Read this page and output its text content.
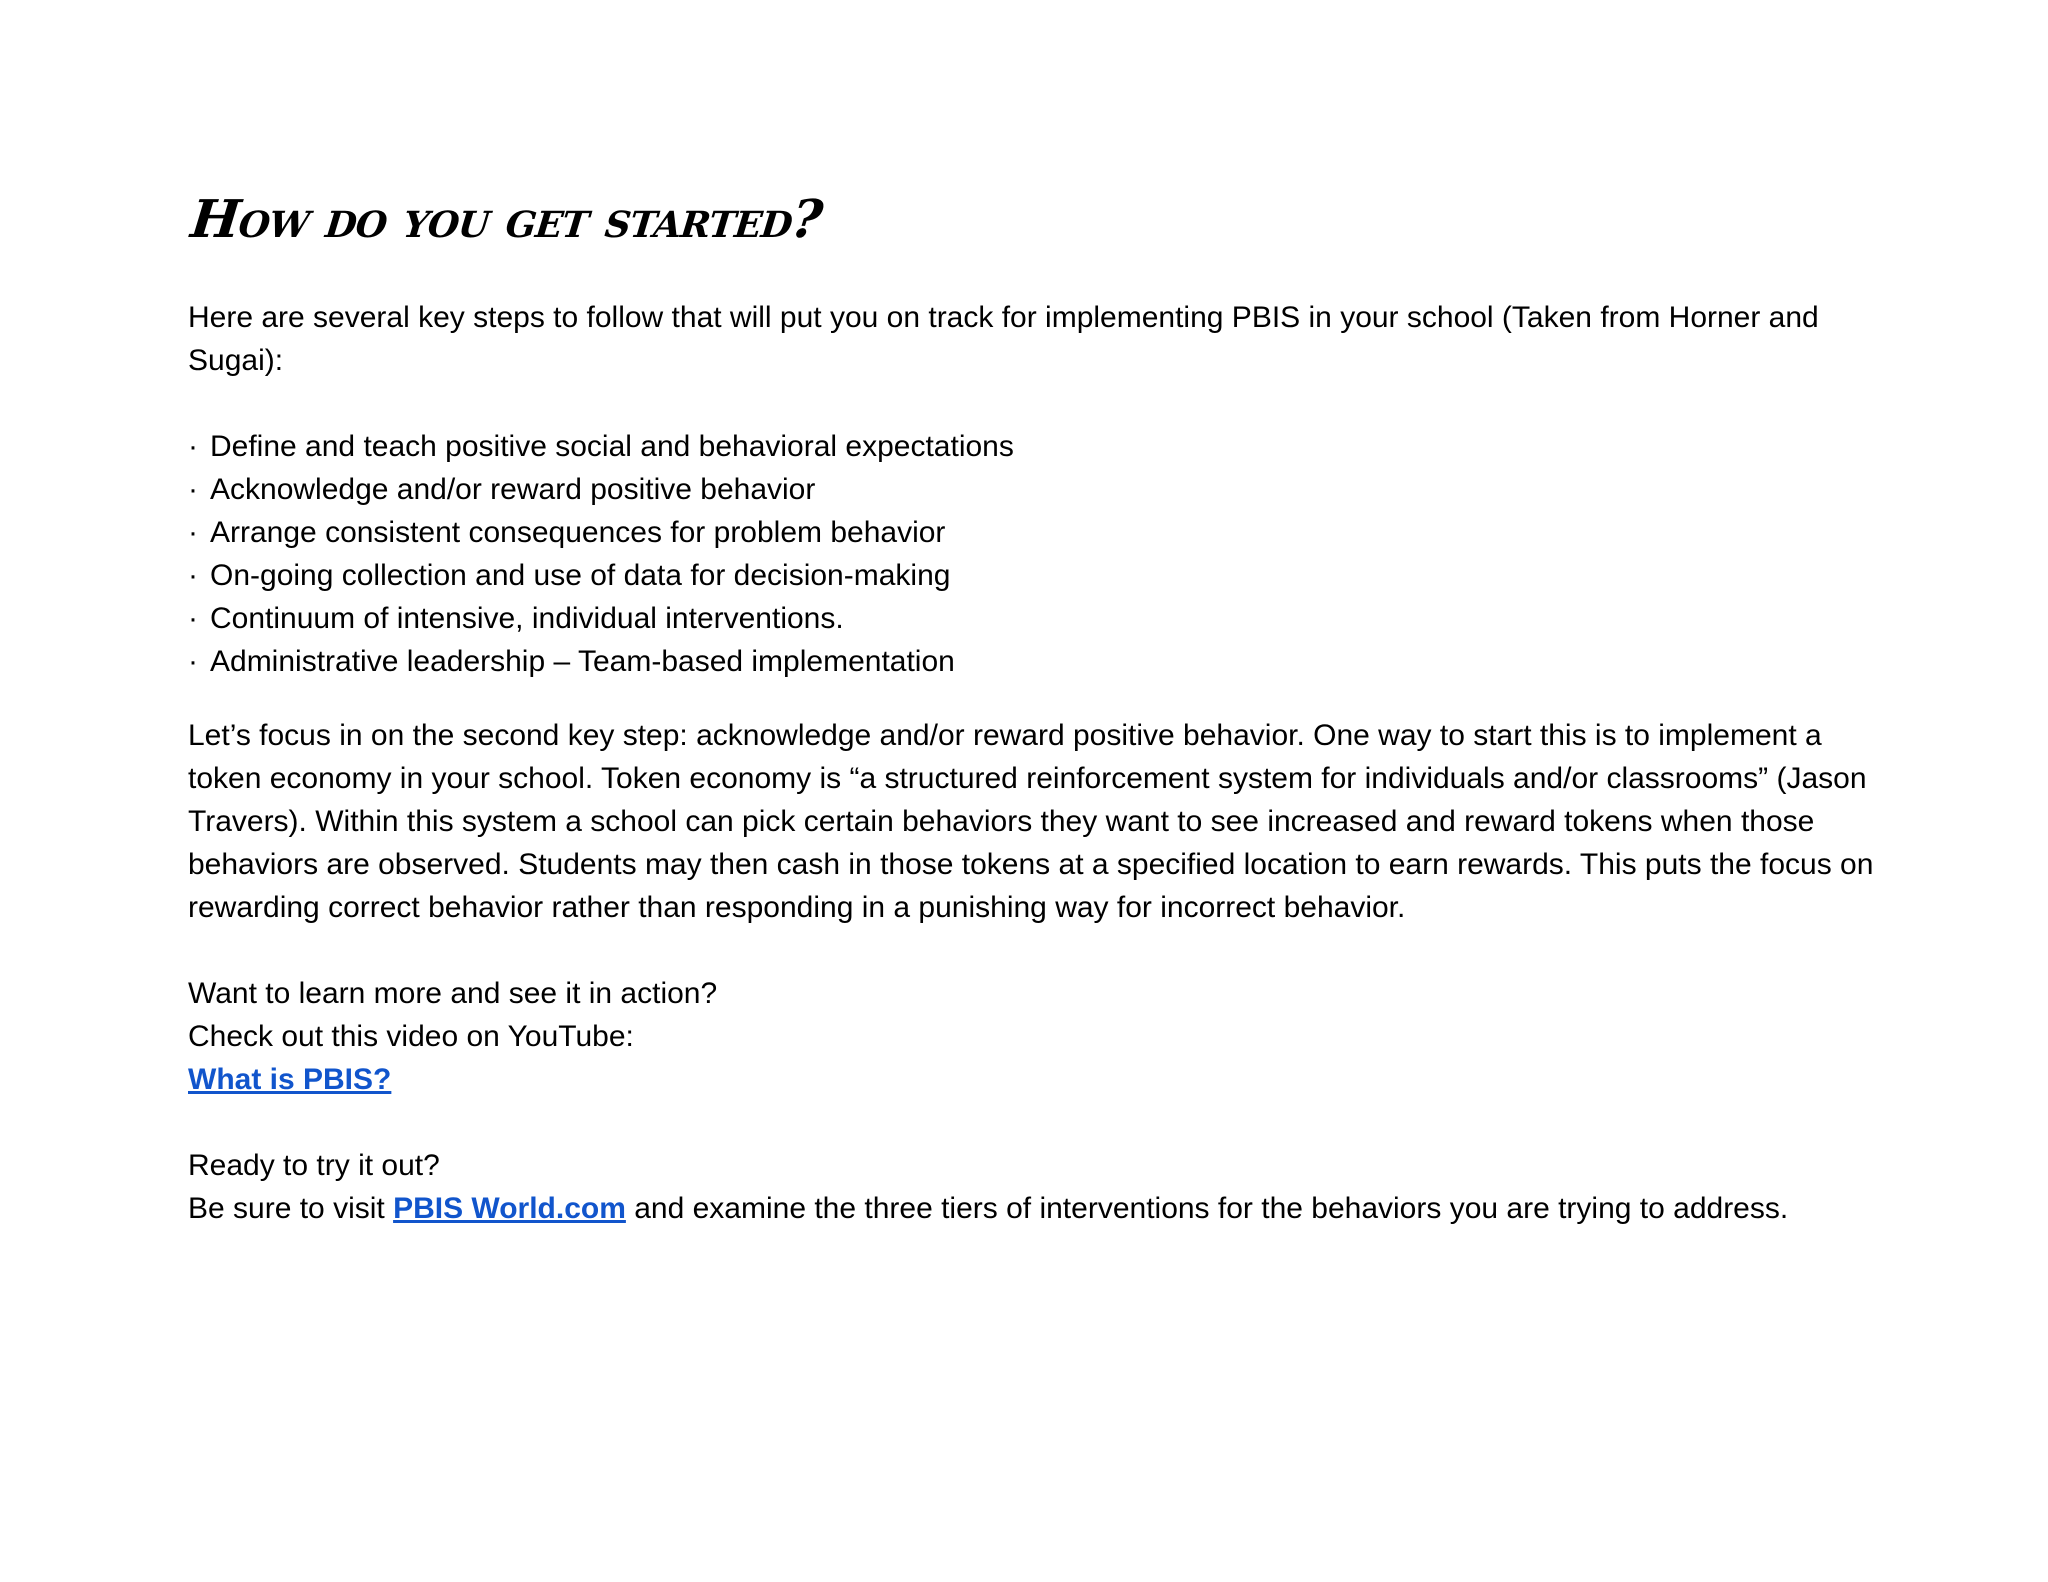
How do you get started?

Here are several key steps to follow that will put you on track for implementing PBIS in your school (Taken from Horner and Sugai):

· Define and teach positive social and behavioral expectations
· Acknowledge and/or reward positive behavior
· Arrange consistent consequences for problem behavior
· On-going collection and use of data for decision-making
· Continuum of intensive, individual interventions.
· Administrative leadership – Team-based implementation

Let’s focus in on the second key step: acknowledge and/or reward positive behavior. One way to start this is to implement a token economy in your school. Token economy is “a structured reinforcement system for individuals and/or classrooms” (Jason Travers). Within this system a school can pick certain behaviors they want to see increased and reward tokens when those behaviors are observed. Students may then cash in those tokens at a specified location to earn rewards. This puts the focus on rewarding correct behavior rather than responding in a punishing way for incorrect behavior.

Want to learn more and see it in action?

Check out this video on YouTube:

What is PBIS?

Ready to try it out?

Be sure to visit PBIS World.com and examine the three tiers of interventions for the behaviors you are trying to address.
